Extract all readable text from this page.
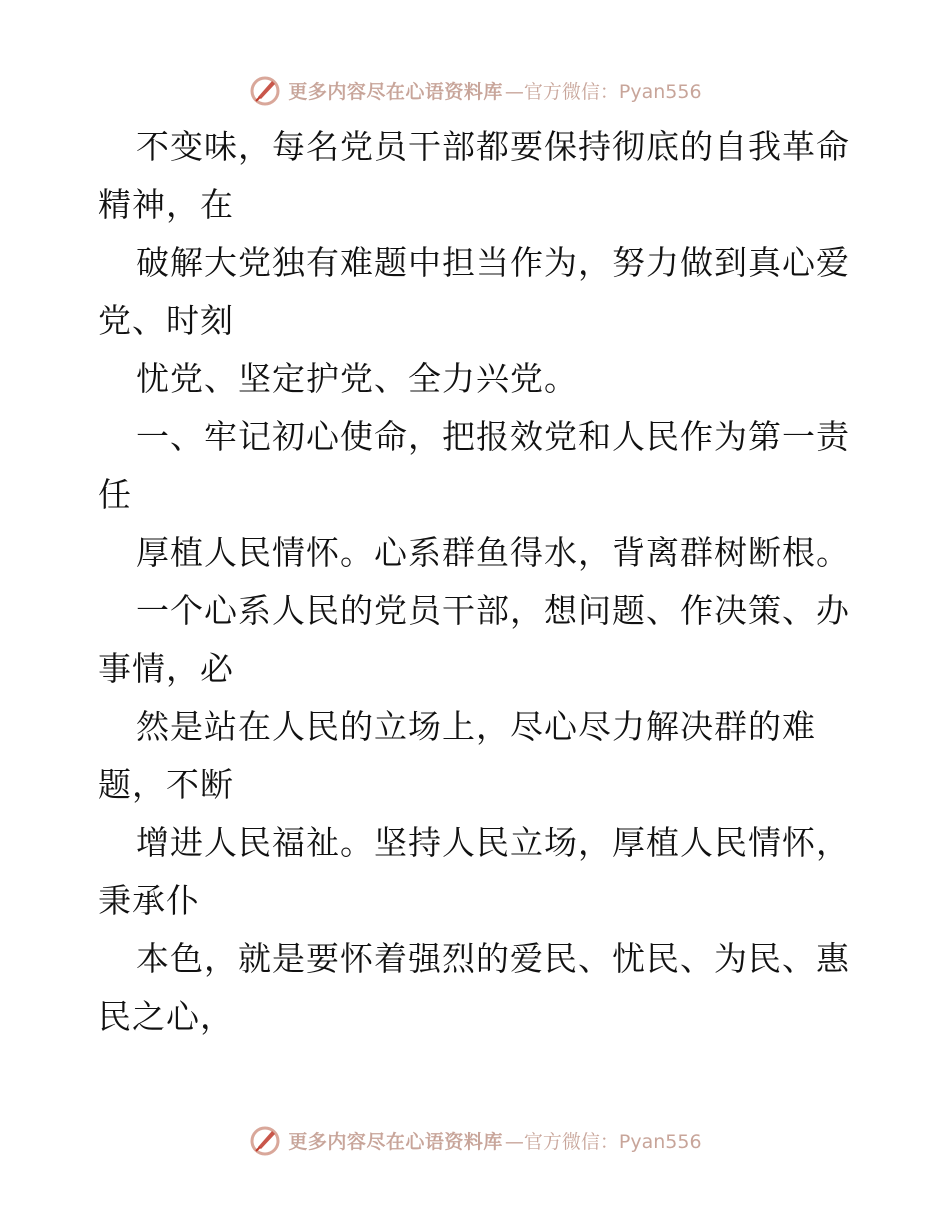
更多内容尽在心语资料库 —官方微信：Pyan556
不变味，每名党员干部都要保持彻底的自我革命
精神，在
破解大党独有难题中担当作为，努力做到真心爱
党、时刻
忧党、坚定护党、全力兴党。
一、牢记初心使命，把报效党和人民作为第一责
任
厚植人民情怀。心系群鱼得水，背离群树断根。
一个心系人民的党员干部，想问题、作决策、办
事情，必
然是站在人民的立场上，尽心尽力解决群的难
题，不断
增进人民福祉。坚持人民立场，厚植人民情怀，
秉承仆
本色，就是要怀着强烈的爱民、忧民、为民、惠
民之心，
更多内容尽在心语资料库 —官方微信：Pyan556
